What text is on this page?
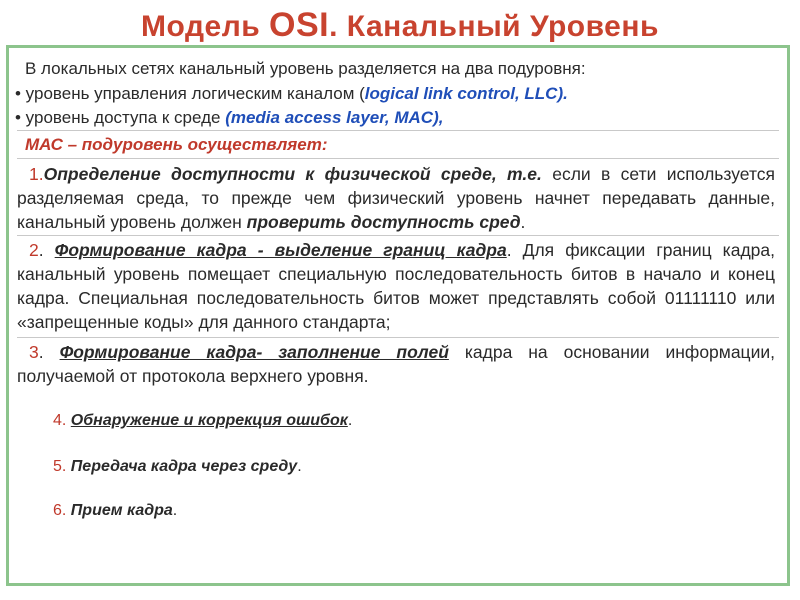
Модель OSI. Канальный Уровень
В локальных сетях канальный уровень разделяется на два подуровня:
• уровень управления логическим каналом (logical link control, LLC).
• уровень доступа к среде (media access layer, MAC),
МАС – подуровень осуществляет:
1.Определение доступности к физической среде, т.е. если в сети используется разделяемая среда, то прежде чем физический уровень начнет передавать данные, канальный уровень должен проверить доступность сред.
2. Формирование кадра - выделение границ кадра. Для фиксации границ кадра, канальный уровень помещает специальную последовательность битов в начало и конец кадра. Специальная последовательность битов может представлять собой 01111110 или «запрещенные коды» для данного стандарта;
3. Формирование кадра- заполнение полей кадра на основании информации, получаемой от протокола верхнего уровня.
4. Обнаружение и коррекция ошибок.
5. Передача кадра через среду.
6. Прием кадра.
